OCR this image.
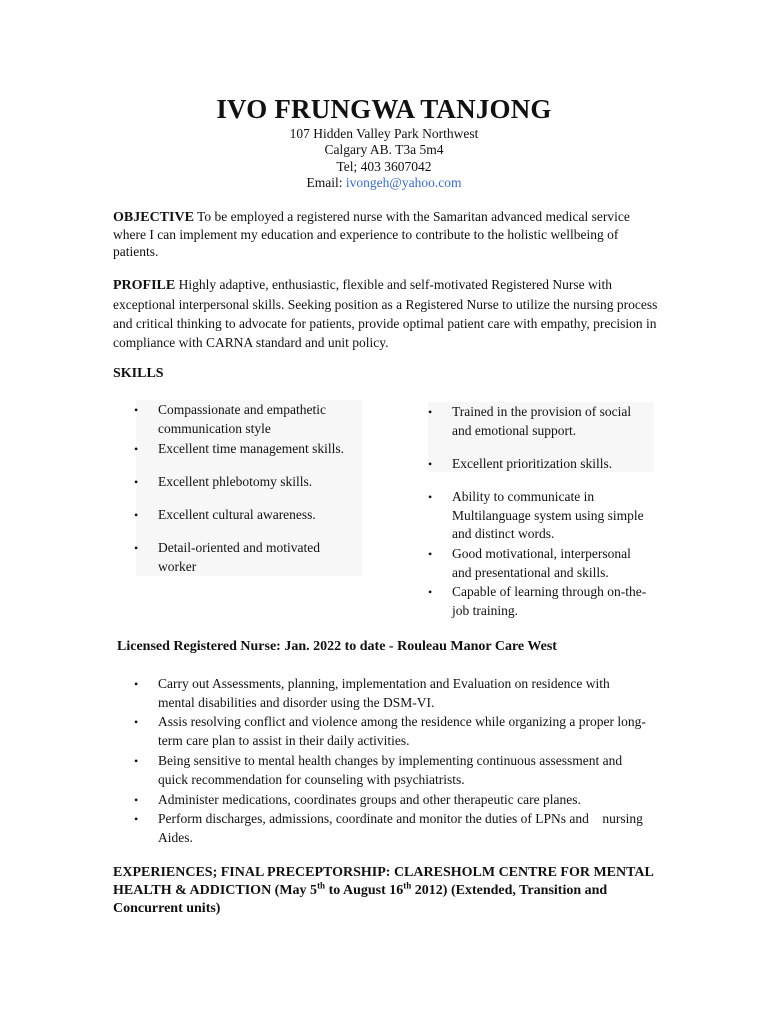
IVO FRUNGWA TANJONG
107 Hidden Valley Park Northwest
Calgary AB. T3a 5m4
Tel; 403 3607042
Email: ivongeh@yahoo.com
OBJECTIVE To be employed a registered nurse with the Samaritan advanced medical service where I can implement my education and experience to contribute to the holistic wellbeing of patients.
PROFILE Highly adaptive, enthusiastic, flexible and self-motivated Registered Nurse with exceptional interpersonal skills. Seeking position as a Registered Nurse to utilize the nursing process and critical thinking to advocate for patients, provide optimal patient care with empathy, precision in compliance with CARNA standard and unit policy.
SKILLS
• Compassionate and empathetic communication style
• Excellent time management skills.
• Excellent phlebotomy skills.
• Excellent cultural awareness.
• Detail-oriented and motivated worker
• Trained in the provision of social and emotional support.
• Excellent prioritization skills.
• Ability to communicate in Multilanguage system using simple and distinct words.
• Good motivational, interpersonal and presentational and skills.
• Capable of learning through on-the-job training.
Licensed Registered Nurse: Jan. 2022 to date - Rouleau Manor Care West
• Carry out Assessments, planning, implementation and Evaluation on residence with mental disabilities and disorder using the DSM-VI.
• Assis resolving conflict and violence among the residence while organizing a proper long-term care plan to assist in their daily activities.
• Being sensitive to mental health changes by implementing continuous assessment and quick recommendation for counseling with psychiatrists.
• Administer medications, coordinates groups and other therapeutic care planes.
• Perform discharges, admissions, coordinate and monitor the duties of LPNs and    nursing Aides.
EXPERIENCES; FINAL PRECEPTORSHIP: CLARESHOLM CENTRE FOR MENTAL HEALTH & ADDICTION (May 5th to August 16th 2012) (Extended, Transition and Concurrent units)
